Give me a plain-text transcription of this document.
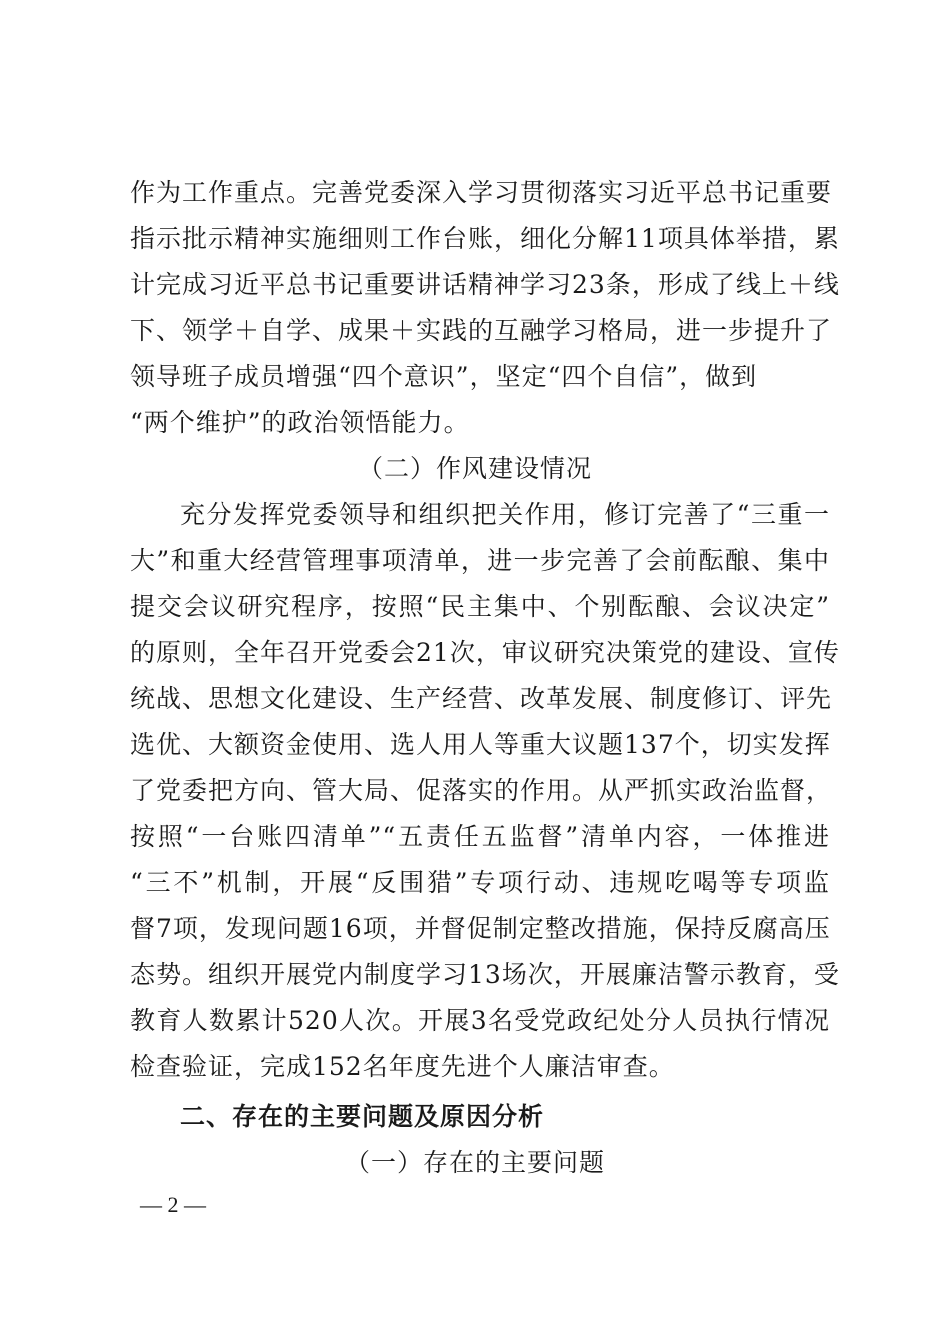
作为工作重点。完善党委深入学习贯彻落实习近平总书记重要
指示批示精神实施细则工作台账，细化分解11项具体举措，累
计完成习近平总书记重要讲话精神学习23条，形成了线上＋线
下、领学＋自学、成果＋实践的互融学习格局，进一步提升了
领导班子成员增强“四个意识”，坚定“四个自信”，做到
“两个维护”的政治领悟能力。
（二）作风建设情况
充分发挥党委领导和组织把关作用，修订完善了“三重一
大”和重大经营管理事项清单，进一步完善了会前酝酿、集中
提交会议研究程序，按照“民主集中、个别酝酿、会议决定”
的原则，全年召开党委会21次，审议研究决策党的建设、宣传
统战、思想文化建设、生产经营、改革发展、制度修订、评先
选优、大额资金使用、选人用人等重大议题137个，切实发挥
了党委把方向、管大局、促落实的作用。从严抓实政治监督，
按照“一台账四清单”“五责任五监督”清单内容，一体推进
“三不”机制，开展“反围猎”专项行动、违规吃喝等专项监
督7项，发现问题16项，并督促制定整改措施，保持反腐高压
态势。组织开展党内制度学习13场次，开展廉洁警示教育，受
教育人数累计520人次。开展3名受党政纪处分人员执行情况
检查验证，完成152名年度先进个人廉洁审查。
二、存在的主要问题及原因分析
（一）存在的主要问题
— 2 —
